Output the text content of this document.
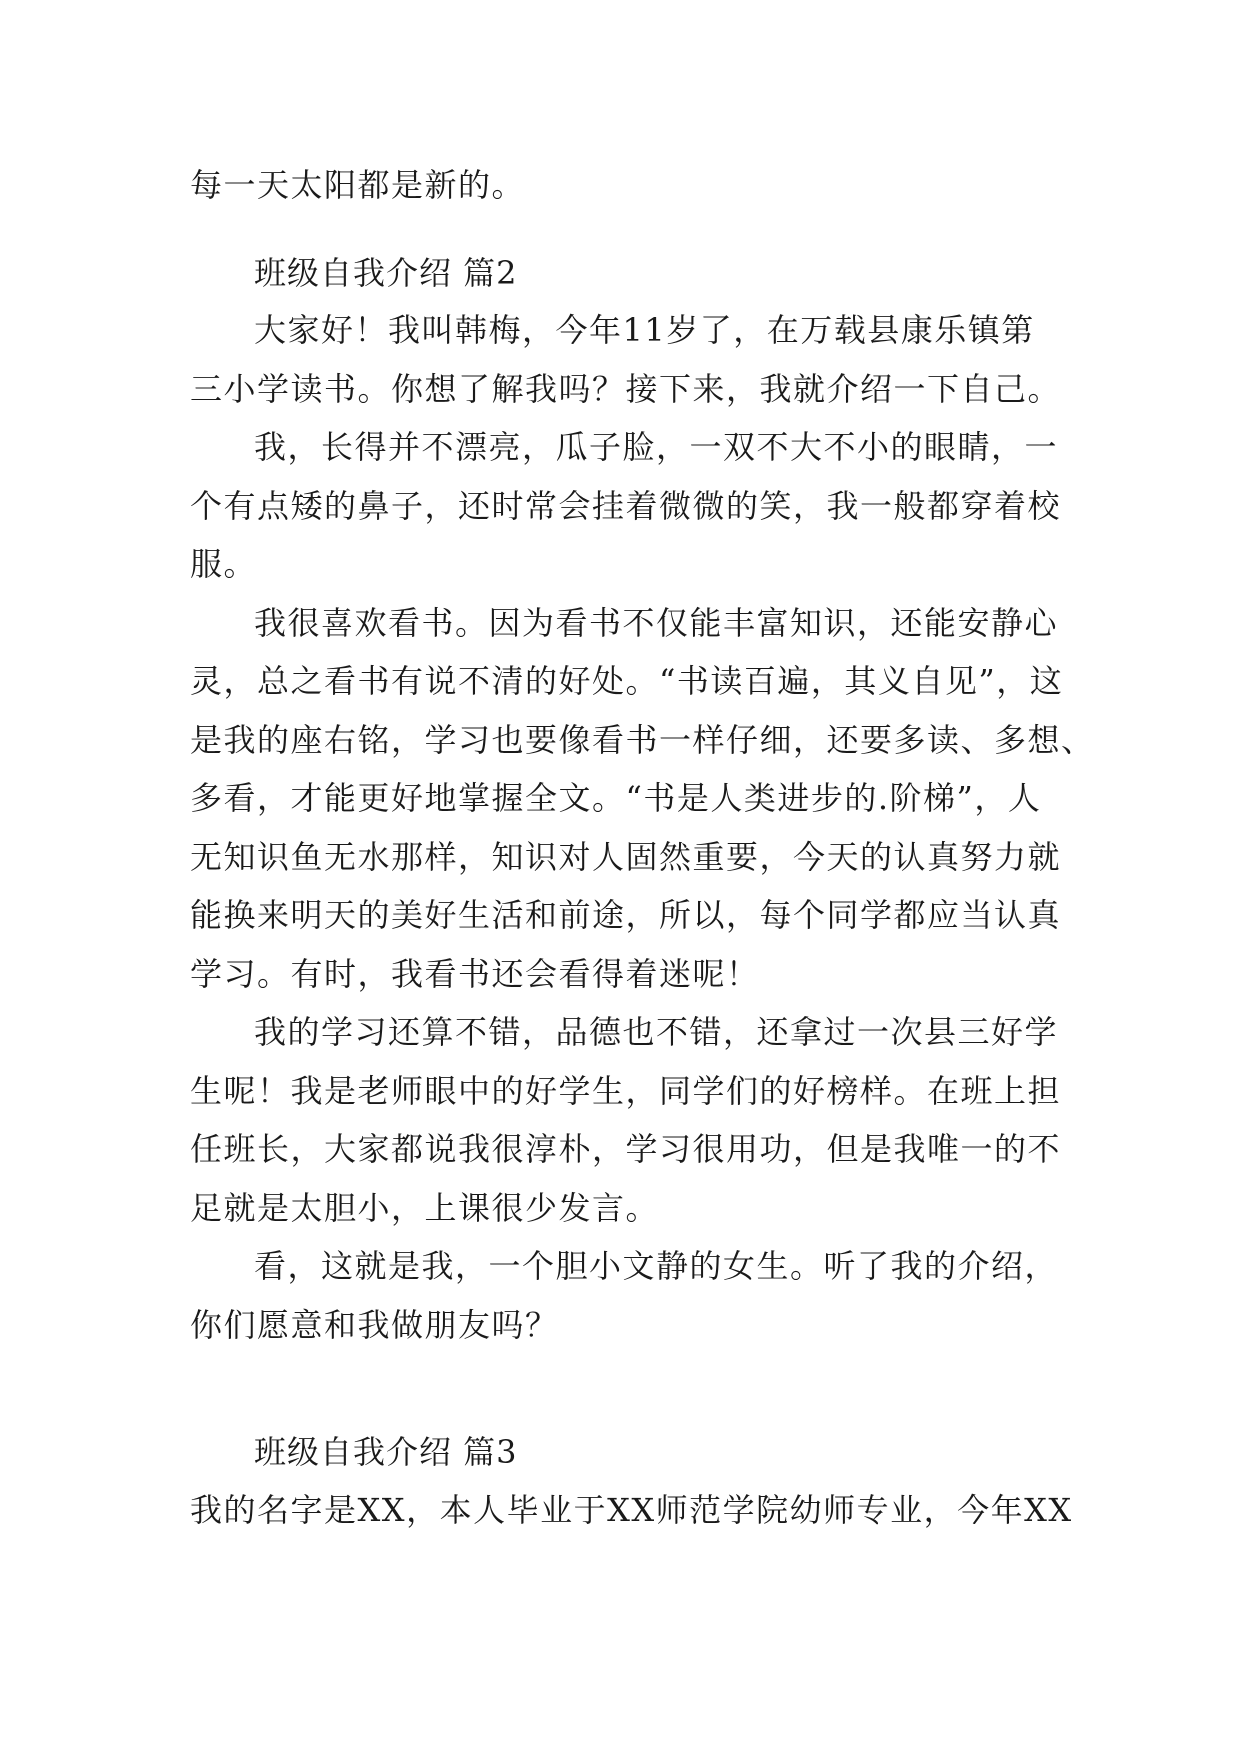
每一天太阳都是新的。
班级自我介绍 篇2
大家好！我叫韩梅，今年11岁了，在万载县康乐镇第
三小学读书。你想了解我吗？接下来，我就介绍一下自己。
我，长得并不漂亮，瓜子脸，一双不大不小的眼睛，一
个有点矮的鼻子，还时常会挂着微微的笑，我一般都穿着校
服。
我很喜欢看书。因为看书不仅能丰富知识，还能安静心
灵，总之看书有说不清的好处。“书读百遍，其义自见”，这
是我的座右铭，学习也要像看书一样仔细，还要多读、多想、
多看，才能更好地掌握全文。“书是人类进步的.阶梯”，人
无知识鱼无水那样，知识对人固然重要，今天的认真努力就
能换来明天的美好生活和前途，所以，每个同学都应当认真
学习。有时，我看书还会看得着迷呢！
我的学习还算不错，品德也不错，还拿过一次县三好学
生呢！我是老师眼中的好学生，同学们的好榜样。在班上担
任班长，大家都说我很淳朴，学习很用功，但是我唯一的不
足就是太胆小，上课很少发言。
看，这就是我，一个胆小文静的女生。听了我的介绍，
你们愿意和我做朋友吗？
班级自我介绍 篇3
我的名字是XX，本人毕业于XX师范学院幼师专业，今年XX
